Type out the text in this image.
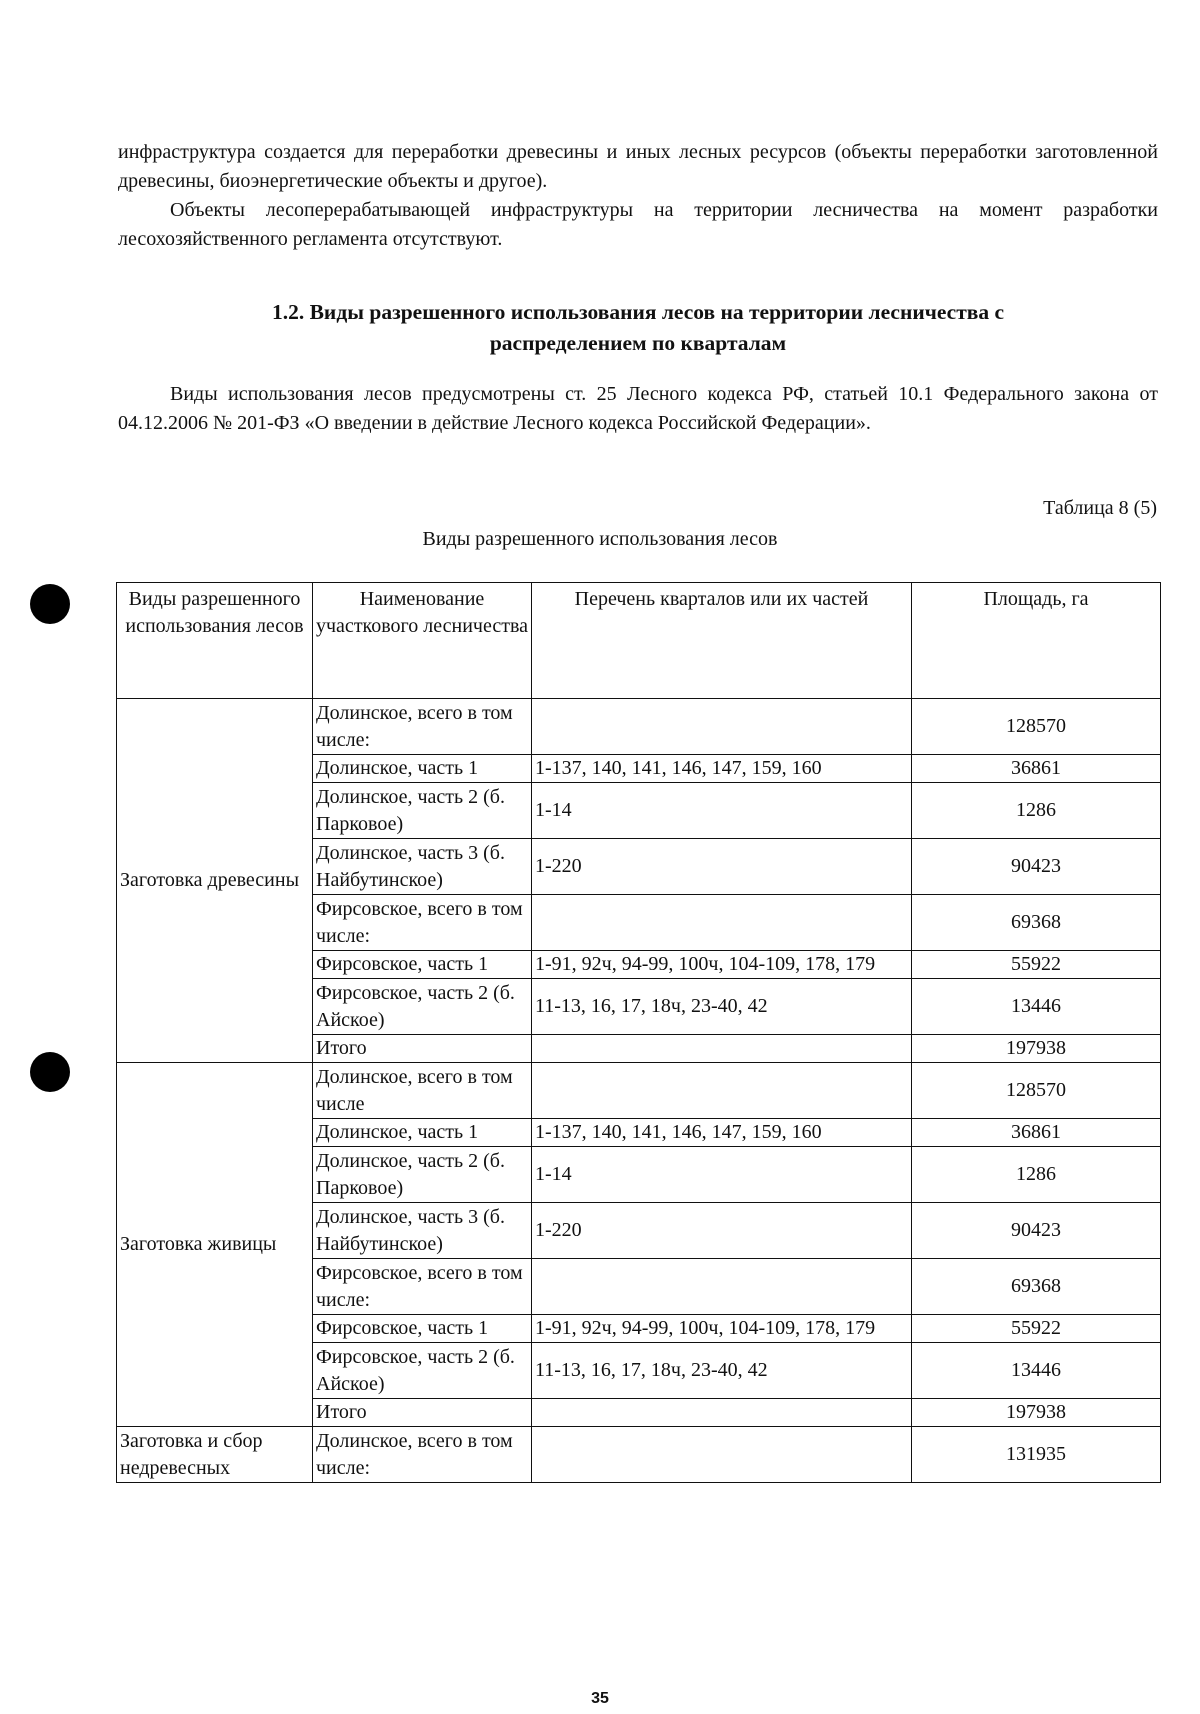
инфраструктура создается для переработки древесины и иных лесных ресурсов (объекты переработки заготовленной древесины, биоэнергетические объекты и другое).

Объекты лесоперерабатывающей инфраструктуры на территории лесничества на момент разработки лесохозяйственного регламента отсутствуют.

1.2. Виды разрешенного использования лесов на территории лесничества с
распределением по кварталам

Виды использования лесов предусмотрены ст. 25 Лесного кодекса РФ, статьей 10.1 Федерального закона от 04.12.2006 № 201-ФЗ «О введении в действие Лесного кодекса Российской Федерации».

Таблица 8 (5)
Виды разрешенного использования лесов
Виды разрешенного использования лесов	Наименование участкового лесничества	Перечень кварталов или их частей	Площадь, га
Заготовка древесины	Долинское, всего в том числе:		128570
	Долинское, часть 1	1-137, 140, 141, 146, 147, 159, 160	36861
	Долинское, часть 2 (б. Парковое)	1-14	1286
	Долинское, часть 3 (б. Найбутинское)	1-220	90423
	Фирсовское, всего в том числе:		69368
	Фирсовское, часть 1	1-91, 92ч, 94-99, 100ч, 104-109, 178, 179	55922
	Фирсовское, часть 2 (б. Айское)	11-13, 16, 17, 18ч, 23-40, 42	13446
	Итого		197938
Заготовка живицы	Долинское, всего в том числе		128570
	Долинское, часть 1	1-137, 140, 141, 146, 147, 159, 160	36861
	Долинское, часть 2 (б. Парковое)	1-14	1286
	Долинское, часть 3 (б. Найбутинское)	1-220	90423
	Фирсовское, всего в том числе:		69368
	Фирсовское, часть 1	1-91, 92ч, 94-99, 100ч, 104-109, 178, 179	55922
	Фирсовское, часть 2 (б. Айское)	11-13, 16, 17, 18ч, 23-40, 42	13446
	Итого		197938
Заготовка и сбор недревесных	Долинское, всего в том числе:		131935
35
